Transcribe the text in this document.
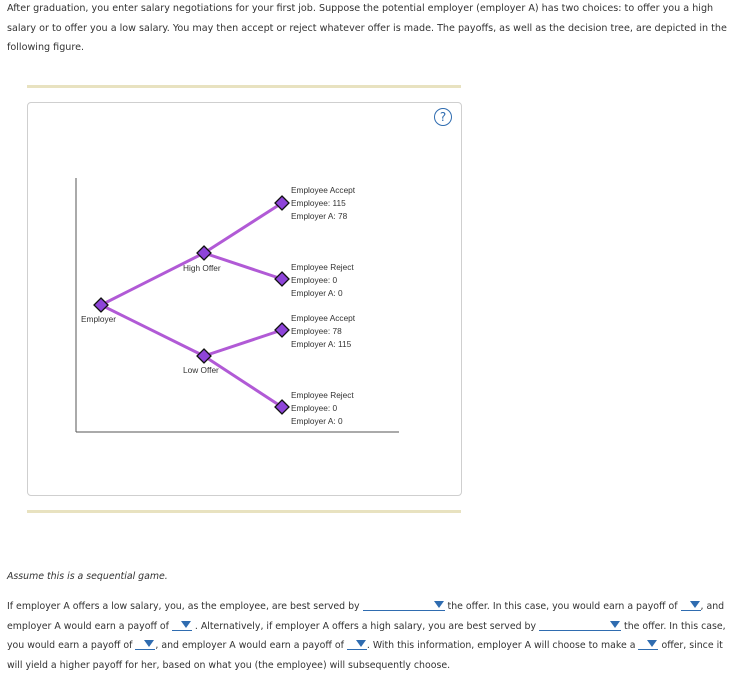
After graduation, you enter salary negotiations for your first job. Suppose the potential employer (employer A) has two choices: to offer you a high salary or to offer you a low salary. You may then accept or reject whatever offer is made. The payoffs, as well as the decision tree, are depicted in the following figure.
?
Employer
High Offer
Low Offer
Employee Accept
Employee: 115
Employer A: 78
Employee Reject
Employee: 0
Employer A: 0
Employee Accept
Employee: 78
Employer A: 115
Employee Reject
Employee: 0
Employer A: 0
Assume this is a sequential game.
If employer A offers a low salary, you, as the employee, are best served by	the offer. In this case, you would earn a payoff of , and employer A would earn a payoff of	. Alternatively, if employer A offers a high salary, you are best served by	the offer. In this case, you would earn a payoff of , and employer A would earn a payoff of . With this information, employer A will choose to make a	offer, since it will yield a higher payoff for her, based on what you (the employee) will subsequently choose.
